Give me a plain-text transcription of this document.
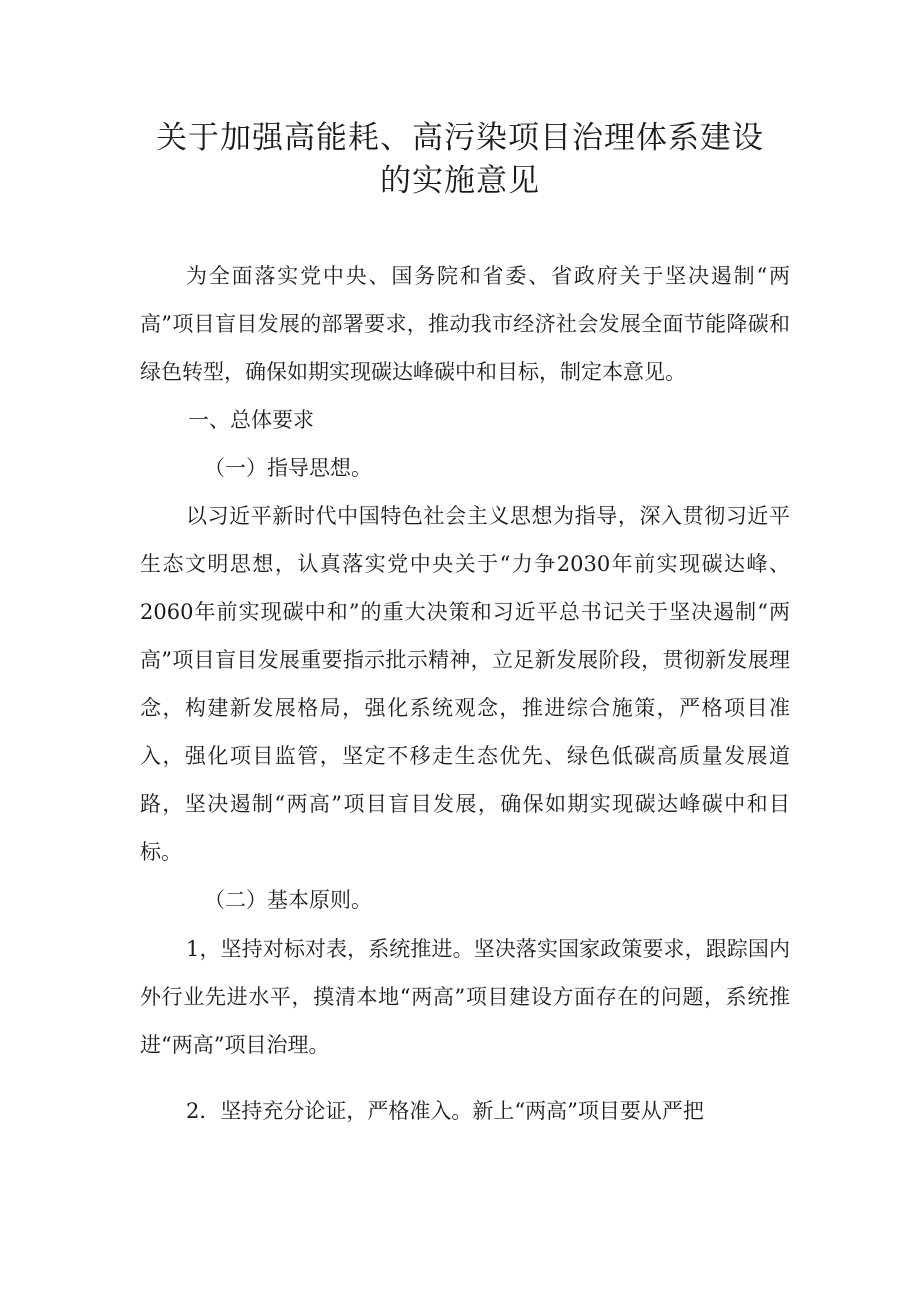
关于加强高能耗、高污染项目治理体系建设
的实施意见

为全面落实党中央、国务院和省委、省政府关于坚决遏制“两高”项目盲目发展的部署要求，推动我市经济社会发展全面节能降碳和绿色转型，确保如期实现碳达峰碳中和目标，制定本意见。

一、总体要求

（一）指导思想。

以习近平新时代中国特色社会主义思想为指导，深入贯彻习近平生态文明思想，认真落实党中央关于“力争2030年前实现碳达峰、2060年前实现碳中和”的重大决策和习近平总书记关于坚决遏制“两高”项目盲目发展重要指示批示精神，立足新发展阶段，贯彻新发展理念，构建新发展格局，强化系统观念，推进综合施策，严格项目准入，强化项目监管，坚定不移走生态优先、绿色低碳高质量发展道路，坚决遏制“两高”项目盲目发展，确保如期实现碳达峰碳中和目标。

（二）基本原则。

1，坚持对标对表，系统推进。坚决落实国家政策要求，跟踪国内外行业先进水平，摸清本地“两高”项目建设方面存在的问题，系统推进“两高”项目治理。

2．坚持充分论证，严格准入。新上“两高”项目要从严把
